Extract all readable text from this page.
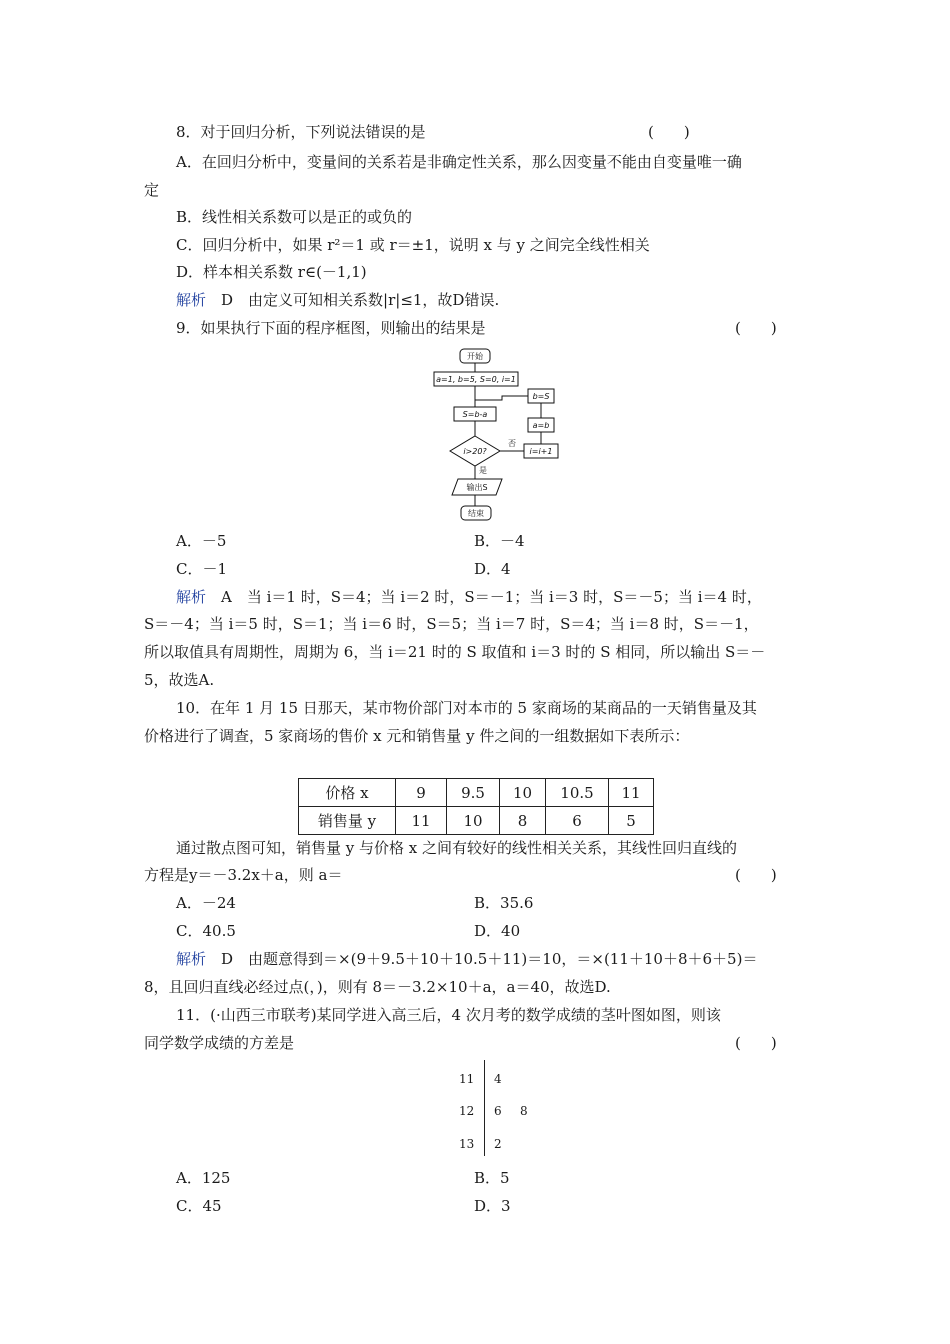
8．对于回归分析，下列说法错误的是	(　　)
A．在回归分析中，变量间的关系若是非确定性关系，那么因变量不能由自变量唯一确
定
B．线性相关系数可以是正的或负的
C．回归分析中，如果 r²＝1 或 r＝±1，说明 x 与 y 之间完全线性相关
D．样本相关系数 r∈(－1,1)
解析　D　由定义可知相关系数|r|≤1，故D错误.
9．如果执行下面的程序框图，则输出的结果是	(　　)
开始
a=1, b=5, S=0, i=1
S=b-a
i>20?
否
i=i+1
a=b
b=S
是
输出S
结束
A．－5	B．－4
C．－1	D．4
解析　A　当 i＝1 时，S＝4；当 i＝2 时，S＝－1；当 i＝3 时，S＝－5；当 i＝4 时，
S＝－4；当 i＝5 时，S＝1；当 i＝6 时，S＝5；当 i＝7 时，S＝4；当 i＝8 时，S＝－1，
所以取值具有周期性，周期为 6，当 i＝21 时的 S 取值和 i＝3 时的 S 相同，所以输出 S＝－
5，故选A.
10．在年 1 月 15 日那天，某市物价部门对本市的 5 家商场的某商品的一天销售量及其
价格进行了调查，5 家商场的售价 x 元和销售量 y 件之间的一组数据如下表所示：
价格 x	9	9.5	10	10.5	11
销售量 y	11	10	8	6	5
通过散点图可知，销售量 y 与价格 x 之间有较好的线性相关关系，其线性回归直线的
方程是y＝－3.2x＋a，则 a＝	(　　)
A．－24	B．35.6
C．40.5	D．40
解析　D　由题意得到＝×(9＋9.5＋10＋10.5＋11)＝10，＝×(11＋10＋8＋6＋5)＝
8，且回归直线必经过点(，)，则有 8＝－3.2×10＋a，a＝40，故选D.
11．(·山西三市联考)某同学进入高三后，4 次月考的数学成绩的茎叶图如图，则该
同学数学成绩的方差是	(　　)
11 4
12 6 8
13 2
A．125	B．5
C．45	D．3
